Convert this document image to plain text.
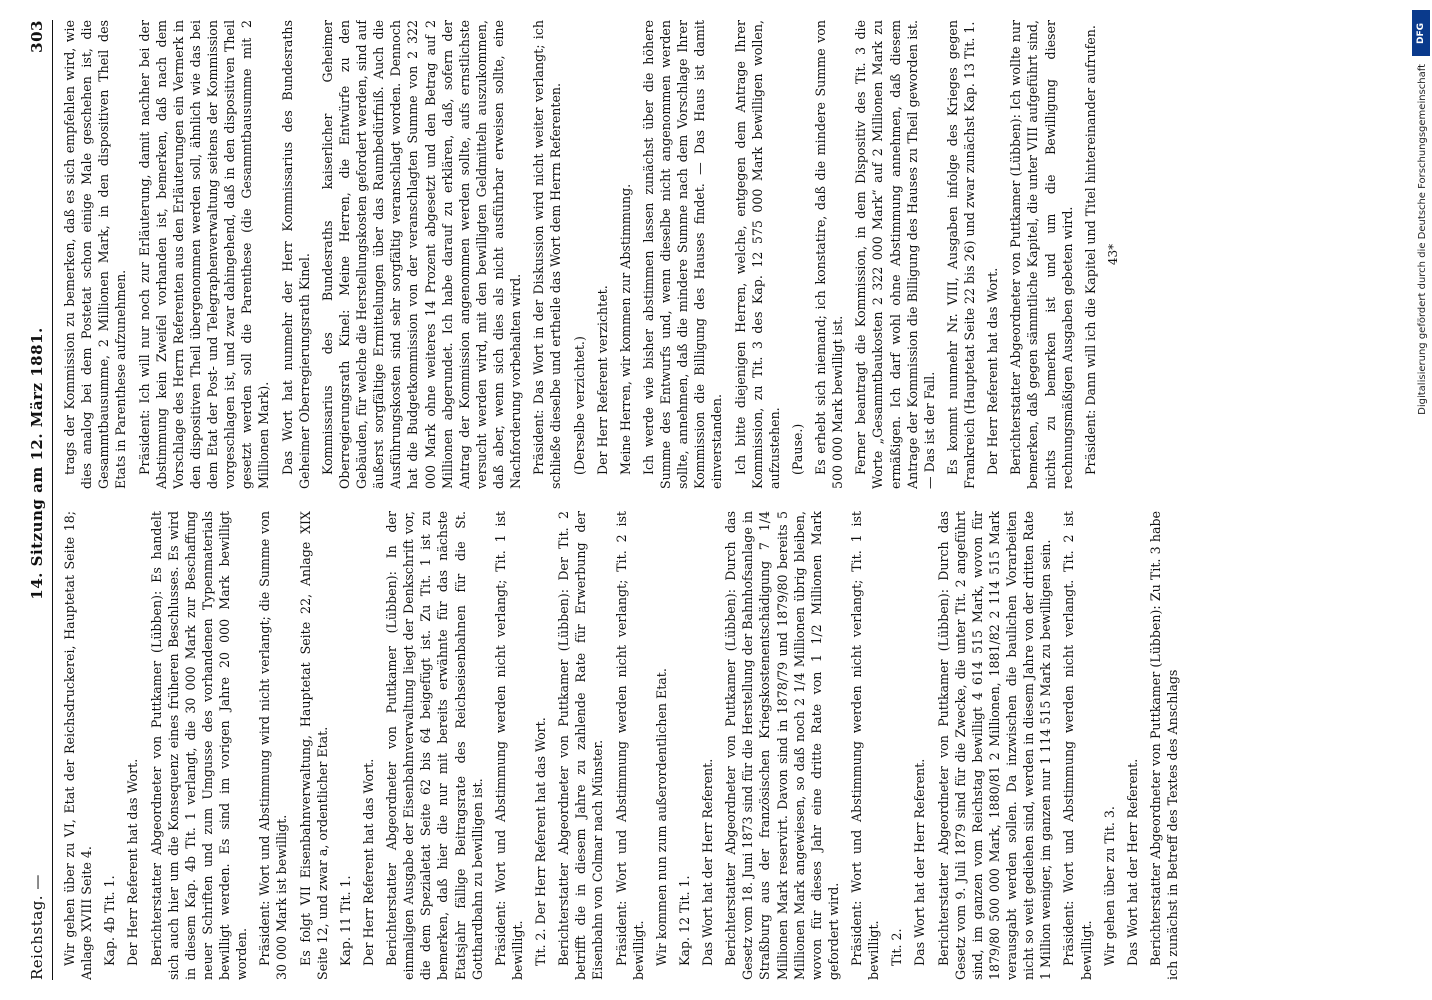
Reichstag. —
14. Sitzung am 12. März 1881.
303

Wir gehen über zu VI, Etat der Reichsdruckerei, Hauptetat Seite 18; Anlage XVIII Seite 4. Kap. 4b Tit. 1. Der Herr Referent hat das Wort. Berichterstatter Abgeordneter von Puttkamer (Lübben): Es handelt sich auch hier um die Konsequenz eines früheren Beschlusses. Es wird in diesem Kap. 4b Tit. 1 verlangt, die 30 000 Mark zur Beschaffung neuer Schriften und zum Umgusse des vorhandenen Typenmaterials bewilligt werden. Es sind im vorigen Jahre 20 000 Mark bewilligt worden. Präsident: Wort und Abstimmung wird nicht verlangt; die Summe von 30 000 Mark ist bewilligt. Es folgt VII Eisenbahnverwaltung, Hauptetat Seite 22, Anlage XIX Seite 12, und zwar a, ordentlicher Etat. Kap. 11 Tit. 1. Der Herr Referent hat das Wort. Berichterstatter Abgeordneter von Puttkamer (Lübben): In der einmaligen Ausgabe der Eisenbahnverwaltung liegt der Denkschrift vor, die dem Spezialetat Seite 62 bis 64 beigefügt ist. Zu Tit. 1 ist zu bemerken, daß hier die nur mit bereits erwähnte für das nächste Etatsjahr fällige Beitragsrate des Reichseisenbahnen für die St. Gotthardbahn zu bewilligen ist. Präsident: Wort und Abstimmung werden nicht verlangt; Tit. 1 ist bewilligt. Tit. 2. Der Herr Referent hat das Wort. Berichterstatter Abgeordneter von Puttkamer (Lübben): Der Tit. 2 betrifft die in diesem Jahre zu zahlende Rate für Erwerbung der Eisenbahn von Colmar nach Münster. Präsident: Wort und Abstimmung werden nicht verlangt; Tit. 2 ist bewilligt. Wir kommen nun zum außerordentlichen Etat. Kap. 12 Tit. 1. Das Wort hat der Herr Referent. Berichterstatter Abgeordneter von Puttkamer (Lübben): Durch das Gesetz vom 18. Juni 1873 sind für die Herstellung der Bahnhofsanlage in Straßburg aus der französischen Kriegskostenentschädigung 7 1/4 Millionen Mark reservirt. Davon sind in 1878/79 und 1879/80 bereits 5 Millionen Mark angewiesen, so daß noch 2 1/4 Millionen übrig bleiben, wovon für dieses Jahr eine dritte Rate von 1 1/2 Millionen Mark gefordert wird. Präsident: Wort und Abstimmung werden nicht verlangt; Tit. 1 ist bewilligt. Tit. 2. Das Wort hat der Herr Referent. Berichterstatter Abgeordneter von Puttkamer (Lübben): Durch das Gesetz vom 9. Juli 1879 sind für die Zwecke, die unter Tit. 2 angeführt sind, im ganzen vom Reichstag bewilligt 4 614 515 Mark, wovon für 1879/80 500 000 Mark, 1880/81 2 Millionen, 1881/82 2 114 515 Mark verausgabt werden sollen. Da inzwischen die baulichen Vorarbeiten nicht so weit gediehen sind, werden in diesem Jahre von der dritten Rate 1 Million weniger, im ganzen nur 1 114 515 Mark zu bewilligen sein. Präsident: Wort und Abstimmung werden nicht verlangt. Tit. 2 ist bewilligt. Wir gehen über zu Tit. 3. Das Wort hat der Herr Referent. Berichterstatter Abgeordneter von Puttkamer (Lübben): Zu Tit. 3 habe ich zunächst in Betreff des Textes des Anschlags

trags der Kommission zu bemerken, daß es sich empfehlen wird, wie dies analog bei dem Postetat schon einige Male geschehen ist, die Gesammtbausumme, 2 Millionen Mark, in den dispositiven Theil des Etats in Parenthese aufzunehmen. Präsident: Ich will nur noch zur Erläuterung, damit nachher bei der Abstimmung kein Zweifel vorhanden ist, bemerken, daß nach dem Vorschlage des Herrn Referenten aus den Erläuterungen ein Vermerk in den dispositiven Theil übergenommen werden soll, ähnlich wie das bei dem Etat der Post- und Telegraphenverwaltung seitens der Kommission vorgeschlagen ist, und zwar dahingehend, daß in den dispositiven Theil gesetzt werden soll die Parenthese (die Gesammtbausumme mit 2 Millionen Mark). Das Wort hat nunmehr der Herr Kommissarius des Bundesraths Geheimer Oberregierungsrath Kinel. Kommissarius des Bundesraths kaiserlicher Geheimer Oberregierungsrath Kinel: Meine Herren, die Entwürfe zu den Gebäuden, für welche die Herstellungskosten gefordert werden, sind auf äußerst sorgfältige Ermittelungen über das Raumbedürfniß. Auch die Ausführungskosten sind sehr sorgfältig veranschlagt worden. Dennoch hat die Budgetkommission von der veranschlagten Summe von 2 322 000 Mark ohne weiteres 14 Prozent abgesetzt und den Betrag auf 2 Millionen abgerundet. Ich habe darauf zu erklären, daß, sofern der Antrag der Kommission angenommen werden sollte, aufs ernstlichste versucht werden wird, mit den bewilligten Geldmitteln auszukommen, daß aber, wenn sich dies als nicht ausführbar erweisen sollte, eine Nachforderung vorbehalten wird. Präsident: Das Wort in der Diskussion wird nicht weiter verlangt; ich schließe dieselbe und ertheile das Wort dem Herrn Referenten. (Derselbe verzichtet.) Der Herr Referent verzichtet. Meine Herren, wir kommen zur Abstimmung. Ich werde wie bisher abstimmen lassen zunächst über die höhere Summe des Entwurfs und, wenn dieselbe nicht angenommen werden sollte, annehmen, daß die mindere Summe nach dem Vorschlage Ihrer Kommission die Billigung des Hauses findet. — Das Haus ist damit einverstanden. Ich bitte diejenigen Herren, welche, entgegen dem Antrage Ihrer Kommission, zu Tit. 3 des Kap. 12 575 000 Mark bewilligen wollen, aufzustehen. (Pause.) Es erhebt sich niemand; ich konstatire, daß die mindere Summe von 500 000 Mark bewilligt ist. Ferner beantragt die Kommission, in dem Dispositiv des Tit. 3 die Worte „Gesammtbaukosten 2 322 000 Mark“ auf 2 Millionen Mark zu ermäßigen. Ich darf wohl ohne Abstimmung annehmen, daß diesem Antrage der Kommission die Billigung des Hauses zu Theil geworden ist. — Das ist der Fall. Es kommt nunmehr Nr. VIII, Ausgaben infolge des Krieges gegen Frankreich (Hauptetat Seite 22 bis 26) und zwar zunächst Kap. 13 Tit. 1. Der Herr Referent hat das Wort. Berichterstatter Abgeordneter von Puttkamer (Lübben): Ich wollte nur bemerken, daß gegen sämmtliche Kapitel, die unter VIII aufgeführt sind, nichts zu bemerken ist und um die Bewilligung dieser rechnungsmäßigen Ausgaben gebeten wird. Präsident: Dann will ich die Kapitel und Titel hintereinander aufrufen. 43*
DFG
Digitalisierung gefördert durch die Deutsche Forschungsgemeinschaft
